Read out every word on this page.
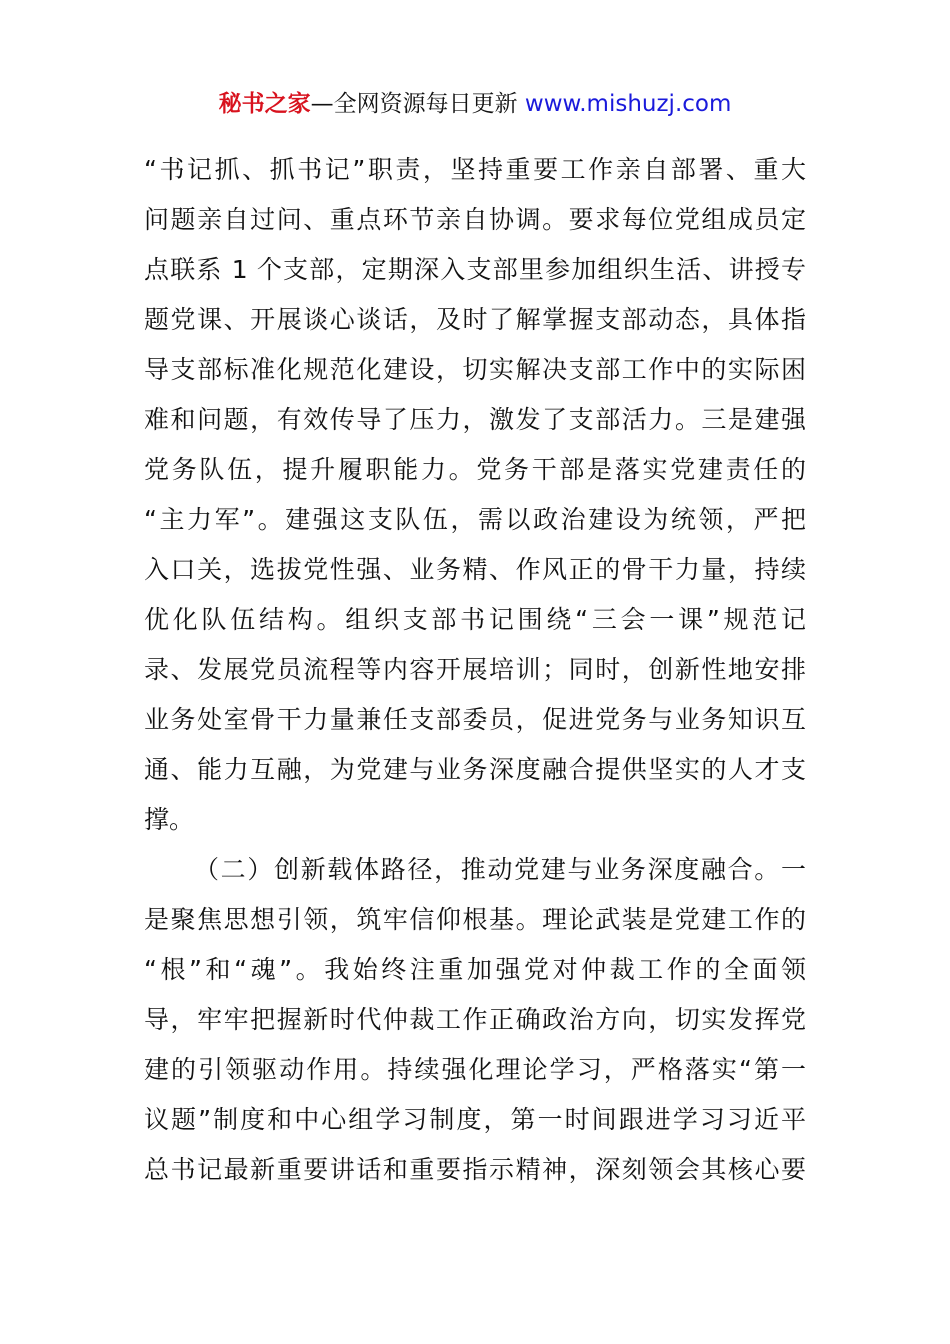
秘书之家—全网资源每日更新 www.mishuzj.com
“书记抓、抓书记”职责，坚持重要工作亲自部署、重大
问题亲自过问、重点环节亲自协调。要求每位党组成员定
点联系 1 个支部，定期深入支部里参加组织生活、讲授专
题党课、开展谈心谈话，及时了解掌握支部动态，具体指
导支部标准化规范化建设，切实解决支部工作中的实际困
难和问题，有效传导了压力，激发了支部活力。三是建强
党务队伍，提升履职能力。党务干部是落实党建责任的
“主力军”。建强这支队伍，需以政治建设为统领，严把
入口关，选拔党性强、业务精、作风正的骨干力量，持续
优化队伍结构。组织支部书记围绕“三会一课”规范记
录、发展党员流程等内容开展培训；同时，创新性地安排
业务处室骨干力量兼任支部委员，促进党务与业务知识互
通、能力互融，为党建与业务深度融合提供坚实的人才支
撑。
（二）创新载体路径，推动党建与业务深度融合。一
是聚焦思想引领，筑牢信仰根基。理论武装是党建工作的
“根”和“魂”。我始终注重加强党对仲裁工作的全面领
导，牢牢把握新时代仲裁工作正确政治方向，切实发挥党
建的引领驱动作用。持续强化理论学习，严格落实“第一
议题”制度和中心组学习制度，第一时间跟进学习习近平
总书记最新重要讲话和重要指示精神，深刻领会其核心要
